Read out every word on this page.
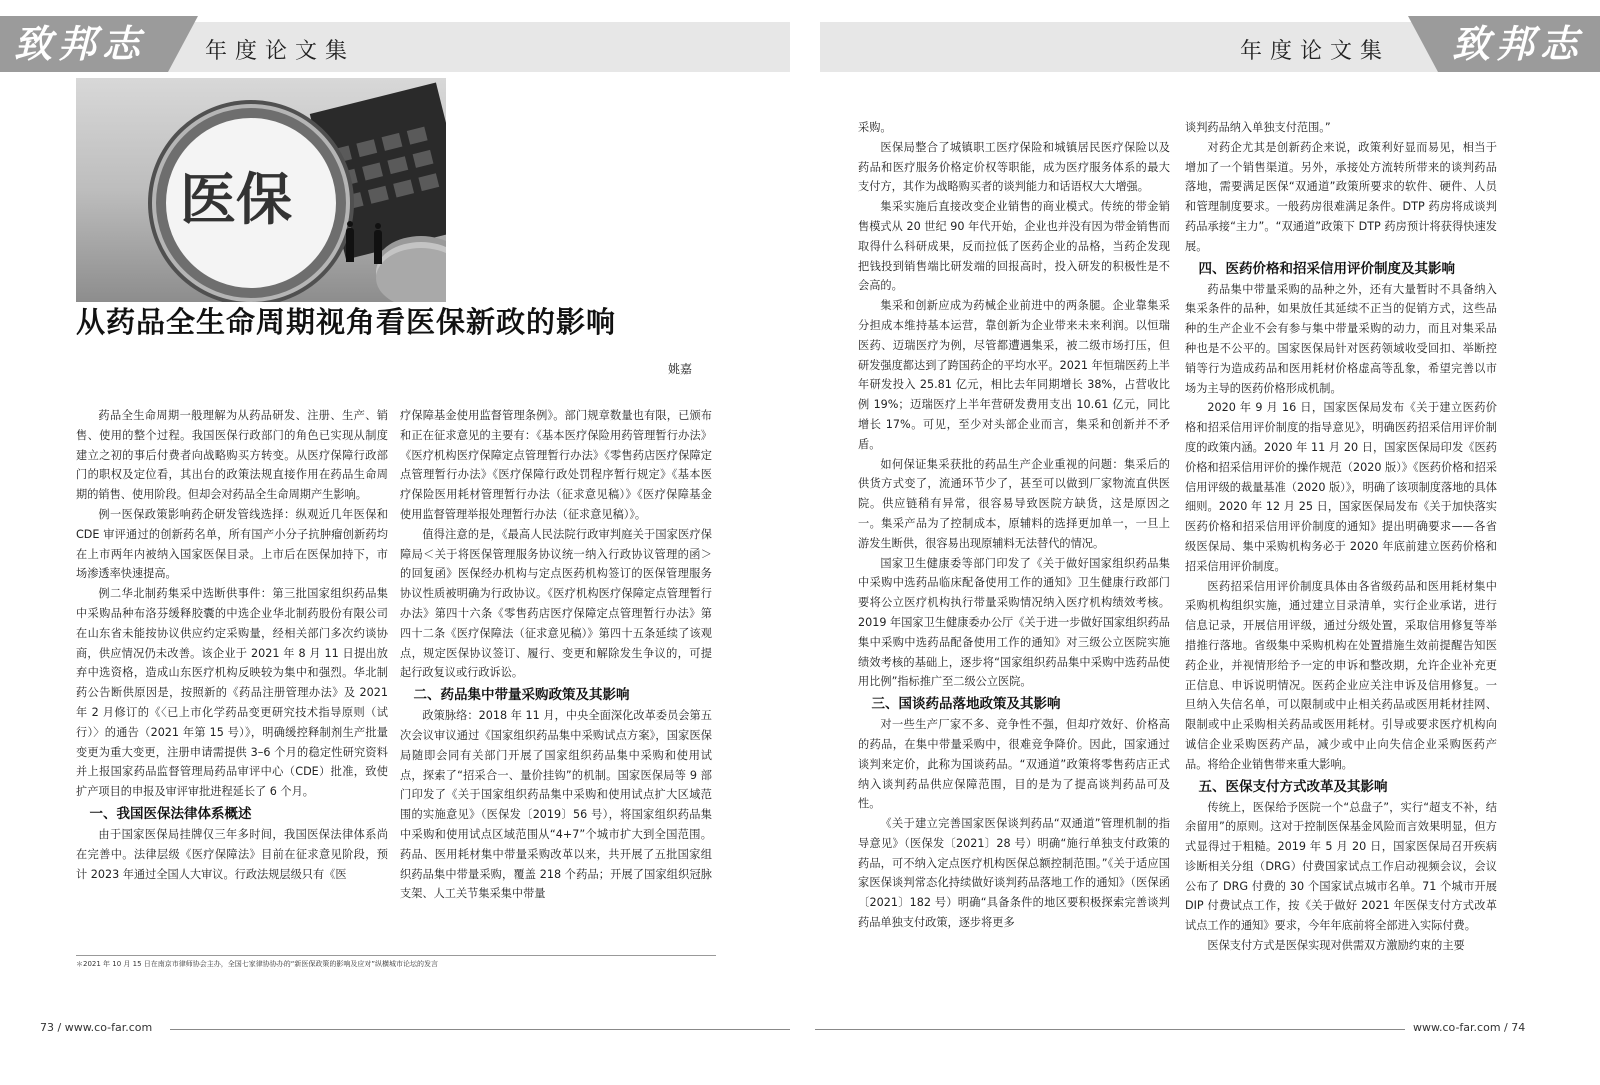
致邦志	致邦志
年度论文集	年度论文集
医保
从药品全生命周期视角看医保新政的影响
姚嘉

药品全生命周期一般理解为从药品研发、注册、生产、销售、使用的整个过程。我国医保行政部门的角色已实现从制度建立之初的事后付费者向战略购买方转变。从医疗保障行政部门的职权及定位看，其出台的政策法规直接作用在药品生命周期的销售、使用阶段。但却会对药品全生命周期产生影响。

例一医保政策影响药企研发管线选择：纵观近几年医保和 CDE 审评通过的创新药名单，所有国产小分子抗肿瘤创新药均在上市两年内被纳入国家医保目录。上市后在医保加持下，市场渗透率快速提高。

例二华北制药集采中选断供事件：第三批国家组织药品集中采购品种布洛芬缓释胶囊的中选企业华北制药股份有限公司在山东省未能按协议供应约定采购量，经相关部门多次约谈协商，供应情况仍未改善。该企业于 2021 年 8 月 11 日提出放弃中选资格，造成山东医疗机构反映较为集中和强烈。华北制药公告断供原因是，按照新的《药品注册管理办法》及 2021 年 2 月修订的《〈已上市化学药品变更研究技术指导原则（试行）〉的通告（2021 年第 15 号）》，明确缓控释制剂生产批量变更为重大变更，注册申请需提供 3–6 个月的稳定性研究资料并上报国家药品监督管理局药品审评中心（CDE）批准，致使扩产项目的申报及审评审批进程延长了 6 个月。

一、我国医保法律体系概述

由于国家医保局挂牌仅三年多时间，我国医保法律体系尚在完善中。法律层级《医疗保障法》目前在征求意见阶段，预计 2023 年通过全国人大审议。行政法规层级只有《医

疗保障基金使用监督管理条例》。部门规章数量也有限，已颁布和正在征求意见的主要有：《基本医疗保险用药管理暂行办法》《医疗机构医疗保障定点管理暂行办法》《零售药店医疗保障定点管理暂行办法》《医疗保障行政处罚程序暂行规定》《基本医疗保险医用耗材管理暂行办法（征求意见稿）》《医疗保障基金使用监督管理举报处理暂行办法（征求意见稿）》。

值得注意的是，《最高人民法院行政审判庭关于国家医疗保障局＜关于将医保管理服务协议统一纳入行政协议管理的函＞的回复函》医保经办机构与定点医药机构签订的医保管理服务协议性质被明确为行政协议。《医疗机构医疗保障定点管理暂行办法》第四十六条《零售药店医疗保障定点管理暂行办法》第四十二条《医疗保障法（征求意见稿）》第四十五条延续了该观点，规定医保协议签订、履行、变更和解除发生争议的，可提起行政复议或行政诉讼。

二、药品集中带量采购政策及其影响

政策脉络：2018 年 11 月，中央全面深化改革委员会第五次会议审议通过《国家组织药品集中采购试点方案》，国家医保局随即会同有关部门开展了国家组织药品集中采购和使用试点，探索了“招采合一、量价挂钩”的机制。国家医保局等 9 部门印发了《关于国家组织药品集中采购和使用试点扩大区域范围的实施意见》（医保发〔2019〕56 号），将国家组织药品集中采购和使用试点区域范围从“4+7”个城市扩大到全国范围。药品、医用耗材集中带量采购改革以来，共开展了五批国家组织药品集中带量采购，覆盖 218 个药品；开展了国家组织冠脉支架、人工关节集采集中带量

＊2021 年 10 月 15 日在南京市律师协会主办，全国七家律协协办的“新医保政策的影响及应对”纵横城市论坛的发言

采购。

医保局整合了城镇职工医疗保险和城镇居民医疗保险以及药品和医疗服务价格定价权等职能，成为医疗服务体系的最大支付方，其作为战略购买者的谈判能力和话语权大大增强。

集采实施后直接改变企业销售的商业模式。传统的带金销售模式从 20 世纪 90 年代开始，企业也并没有因为带金销售而取得什么科研成果，反而拉低了医药企业的品格，当药企发现把钱投到销售端比研发端的回报高时，投入研发的积极性是不会高的。

集采和创新应成为药械企业前进中的两条腿。企业靠集采分担成本维持基本运营，靠创新为企业带来未来利润。以恒瑞医药、迈瑞医疗为例，尽管都遭遇集采，被二级市场打压，但研发强度都达到了跨国药企的平均水平。2021 年恒瑞医药上半年研发投入 25.81 亿元，相比去年同期增长 38%，占营收比例 19%；迈瑞医疗上半年营研发费用支出 10.61 亿元，同比增长 17%。可见，至少对头部企业而言，集采和创新并不矛盾。

如何保证集采获批的药品生产企业重视的问题：集采后的供货方式变了，流通环节少了，甚至可以做到厂家物流直供医院。供应链稍有异常，很容易导致医院方缺货，这是原因之一。集采产品为了控制成本，原辅料的选择更加单一，一旦上游发生断供，很容易出现原辅料无法替代的情况。

国家卫生健康委等部门印发了《关于做好国家组织药品集中采购中选药品临床配备使用工作的通知》卫生健康行政部门要将公立医疗机构执行带量采购情况纳入医疗机构绩效考核。2019 年国家卫生健康委办公厅《关于进一步做好国家组织药品集中采购中选药品配备使用工作的通知》对三级公立医院实施绩效考核的基础上，逐步将“国家组织药品集中采购中选药品使用比例”指标推广至二级公立医院。

三、国谈药品落地政策及其影响

对一些生产厂家不多、竞争性不强，但却疗效好、价格高的药品，在集中带量采购中，很难竞争降价。因此，国家通过谈判来定价，此称为国谈药品。“双通道”政策将零售药店正式纳入谈判药品供应保障范围，目的是为了提高谈判药品可及性。

《关于建立完善国家医保谈判药品“双通道”管理机制的指导意见》（医保发〔2021〕28 号）明确“施行单独支付政策的药品，可不纳入定点医疗机构医保总额控制范围。”《关于适应国家医保谈判常态化持续做好谈判药品落地工作的通知》（医保函〔2021〕182 号）明确“具备条件的地区要积极探索完善谈判药品单独支付政策，逐步将更多

谈判药品纳入单独支付范围。”

对药企尤其是创新药企来说，政策利好显而易见，相当于增加了一个销售渠道。另外，承接处方流转所带来的谈判药品落地，需要满足医保“双通道”政策所要求的软件、硬件、人员和管理制度要求。一般药房很难满足条件。DTP 药房将成谈判药品承接“主力”。“双通道”政策下 DTP 药房预计将获得快速发展。

四、医药价格和招采信用评价制度及其影响

药品集中带量采购的品种之外，还有大量暂时不具备纳入集采条件的品种，如果放任其延续不正当的促销方式，这些品种的生产企业不会有参与集中带量采购的动力，而且对集采品种也是不公平的。国家医保局针对医药领域收受回扣、举断控销等行为造成药品和医用耗材价格虚高等乱象，希望完善以市场为主导的医药价格形成机制。

2020 年 9 月 16 日，国家医保局发布《关于建立医药价格和招采信用评价制度的指导意见》，明确医药招采信用评价制度的政策内涵。2020 年 11 月 20 日，国家医保局印发《医药价格和招采信用评价的操作规范（2020 版）》《医药价格和招采信用评级的裁量基准（2020 版）》，明确了该项制度落地的具体细则。2020 年 12 月 25 日，国家医保局发布《关于加快落实医药价格和招采信用评价制度的通知》提出明确要求——各省级医保局、集中采购机构务必于 2020 年底前建立医药价格和招采信用评价制度。

医药招采信用评价制度具体由各省级药品和医用耗材集中采购机构组织实施，通过建立目录清单，实行企业承诺，进行信息记录，开展信用评级，通过分级处置，采取信用修复等举措推行落地。省级集中采购机构在处置措施生效前提醒告知医药企业，并视情形给予一定的申诉和整改期，允许企业补充更正信息、申诉说明情况。医药企业应关注申诉及信用修复。一旦纳入失信名单，可以限制或中止相关药品或医用耗材挂网、限制或中止采购相关药品或医用耗材。引导或要求医疗机构向诚信企业采购医药产品，减少或中止向失信企业采购医药产品。将给企业销售带来重大影响。

五、医保支付方式改革及其影响

传统上，医保给予医院一个“总盘子”，实行“超支不补，结余留用”的原则。这对于控制医保基金风险而言效果明显，但方式显得过于粗糙。2019 年 5 月 20 日，国家医保局召开疾病诊断相关分组（DRG）付费国家试点工作启动视频会议，会议公布了 DRG 付费的 30 个国家试点城市名单。71 个城市开展 DIP 付费试点工作，按《关于做好 2021 年医保支付方式改革试点工作的通知》要求，今年年底前将全部进入实际付费。

医保支付方式是医保实现对供需双方激励约束的主要

73 / www.co-far.com	www.co-far.com / 74
